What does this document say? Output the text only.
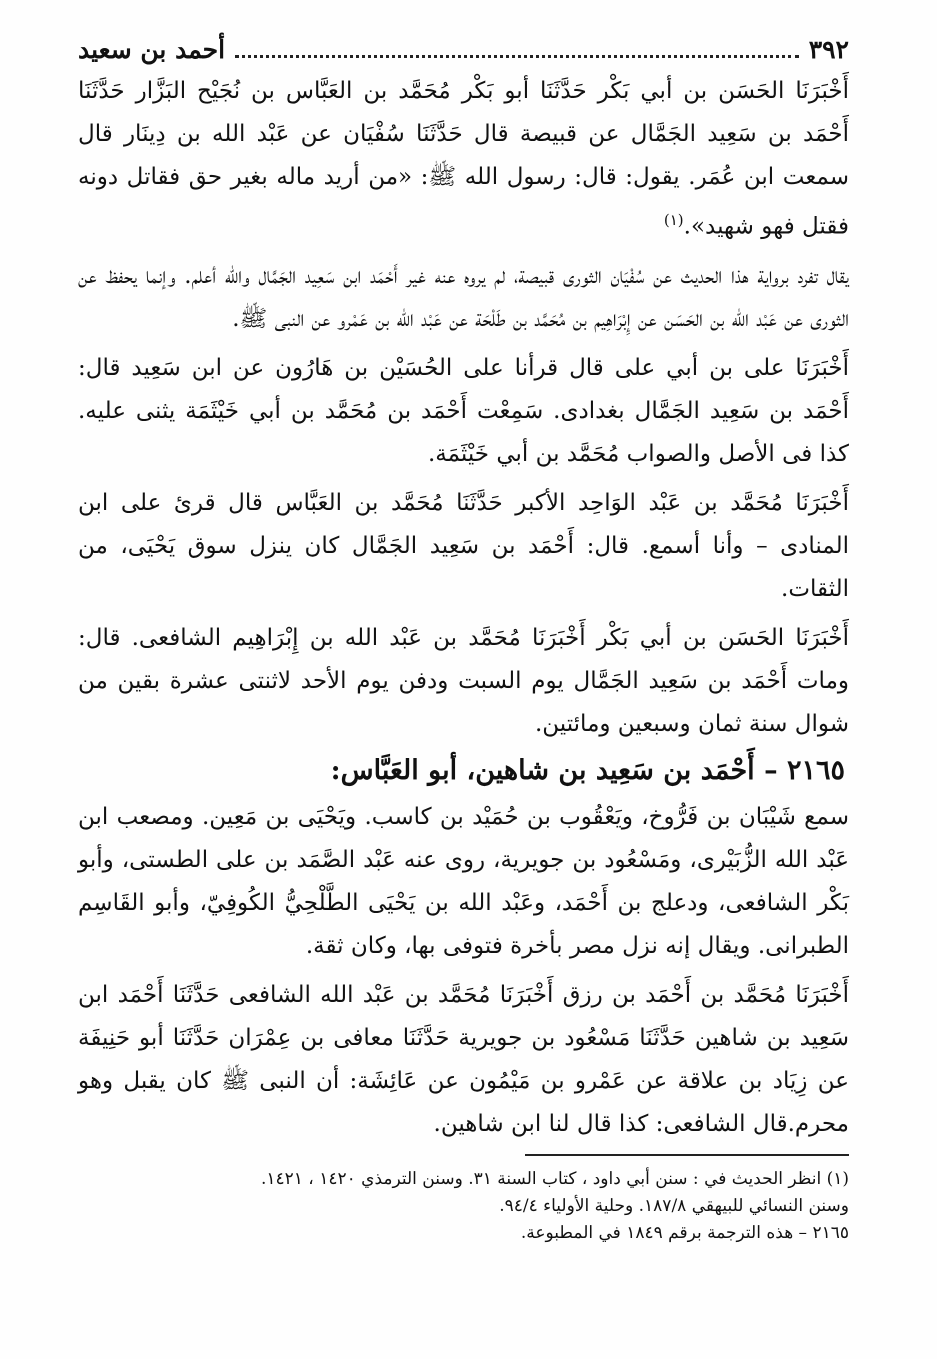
٣٩٢
أحمد بن سعيد

أَخْبَرَنَا الحَسَن بن أبي بَكْر حَدَّثَنَا أبو بَكْر مُحَمَّد بن العَبَّاس بن نُجَيْح البَزَّار حَدَّثَنَا أَحْمَد بن سَعِيد الجَمَّال عن قبيصة قال حَدَّثَنَا سُفْيَان عن عَبْد الله بن دِينَار قال سمعت ابن عُمَر. يقول: قال: رسول الله ﷺ: «من أريد ماله بغير حق فقاتل دونه فقتل فهو شهيد».$^{(١)}$

يقال تفرد برواية هذا الحديث عن سُفْيَان الثورى قبيصة، لم يروه عنه غير أَحْمَد ابن سَعِيد الجَمَّال والله أعلم. وإنما يحفظ عن الثورى عن عَبْد الله بن الحَسَن عن إِبْرَاهِيم بن مُحَمَّد بن طَلْحَة عن عَبْد الله بن عَمْرو عن النبى ﷺ.

أَخْبَرَنَا على بن أبي على قال قرأنا على الحُسَيْن بن هَارُون عن ابن سَعِيد قال: أَحْمَد بن سَعِيد الجَمَّال بغدادى. سَمِعْت أَحْمَد بن مُحَمَّد بن أبي خَيْثَمَة يثنى عليه. كذا فى الأصل والصواب مُحَمَّد بن أبي خَيْثَمَة.

أَخْبَرَنَا مُحَمَّد بن عَبْد الوَاحِد الأكبر حَدَّثَنَا مُحَمَّد بن العَبَّاس قال قرئ على ابن المنادى – وأنا أسمع. قال: أَحْمَد بن سَعِيد الجَمَّال كان ينزل سوق يَحْيَى، من الثقات.

أَخْبَرَنَا الحَسَن بن أبي بَكْر أَخْبَرَنَا مُحَمَّد بن عَبْد الله بن إِبْرَاهِيم الشافعى. قال: ومات أَحْمَد بن سَعِيد الجَمَّال يوم السبت ودفن يوم الأحد لاثنتى عشرة بقين من شوال سنة ثمان وسبعين ومائتين.

٢١٦٥ – أَحْمَد بن سَعِيد بن شاهين، أبو العَبَّاس:

سمع شَيْبَان بن فَرُّوخ، ويَعْقُوب بن حُمَيْد بن كاسب. ويَحْيَى بن مَعِين. ومصعب ابن عَبْد الله الزُّبَيْرى، ومَسْعُود بن جويرية، روى عنه عَبْد الصَّمَد بن على الطستى، وأبو بَكْر الشافعى، ودعلج بن أَحْمَد، وعَبْد الله بن يَحْيَى الطَّلْحِيُّ الكُوفِيّ، وأبو القَاسِم الطبرانى. ويقال إنه نزل مصر بأخرة فتوفى بها، وكان ثقة.

أَخْبَرَنَا مُحَمَّد بن أَحْمَد بن رزق أَخْبَرَنَا مُحَمَّد بن عَبْد الله الشافعى حَدَّثَنَا أَحْمَد ابن سَعِيد بن شاهين حَدَّثَنَا مَسْعُود بن جويرية حَدَّثَنَا معافى بن عِمْرَان حَدَّثَنَا أبو حَنِيفَة عن زِيَاد بن علاقة عن عَمْرو بن مَيْمُون عن عَائِشَة: أن النبى ﷺ كان يقبل وهو محرم.قال الشافعى: كذا قال لنا ابن شاهين.

(١) انظر الحديث في : سنن أبي داود ، كتاب السنة ٣١. وسنن الترمذي ١٤٢٠ ، ١٤٢١.
وسنن النسائي للبيهقي ١٨٧/٨. وحلية الأولياء ٩٤/٤.
٢١٦٥ – هذه الترجمة برقم ١٨٤٩ في المطبوعة.
